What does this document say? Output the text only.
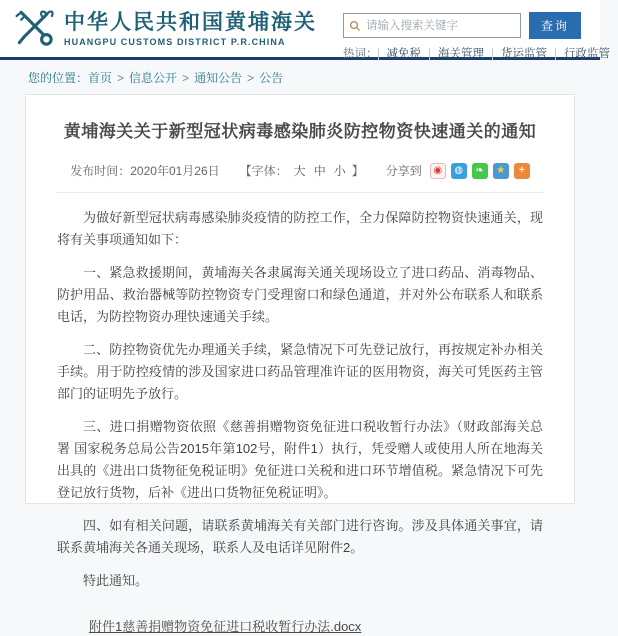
中华人民共和国黄埔海关
HUANGPU CUSTOMS DISTRICT P.R.CHINA
请输入搜索关键字
查询
热词： 减免税 海关管理 货运监管 行政监管
您的位置：首页 > 信息公开 > 通知公告 > 公告
黄埔海关关于新型冠状病毒感染肺炎防控物资快速通关的通知
发布时间：2020年01月26日 【字体： 大 中 小 】 分享到	◉	◍	❧	★	+

为做好新型冠状病毒感染肺炎疫情的防控工作，全力保障防控物资快速通关，现将有关事项通知如下：

一、紧急救援期间，黄埔海关各隶属海关通关现场设立了进口药品、消毒物品、防护用品、救治器械等防控物资专门受理窗口和绿色通道，并对外公布联系人和联系电话，为防控物资办理快速通关手续。

二、防控物资优先办理通关手续，紧急情况下可先登记放行，再按规定补办相关手续。用于防控疫情的涉及国家进口药品管理准许证的医用物资，海关可凭医药主管部门的证明先予放行。

三、进口捐赠物资依照《慈善捐赠物资免征进口税收暂行办法》（财政部海关总署 国家税务总局公告2015年第102号，附件1）执行，凭受赠人或使用人所在地海关出具的《进出口货物征免税证明》免征进口关税和进口环节增值税。紧急情况下可先登记放行货物，后补《进出口货物征免税证明》。

四、如有相关问题，请联系黄埔海关有关部门进行咨询。涉及具体通关事宜，请联系黄埔海关各通关现场，联系人及电话详见附件2。

特此通知。

附件1慈善捐赠物资免征进口税收暂行办法.docx
